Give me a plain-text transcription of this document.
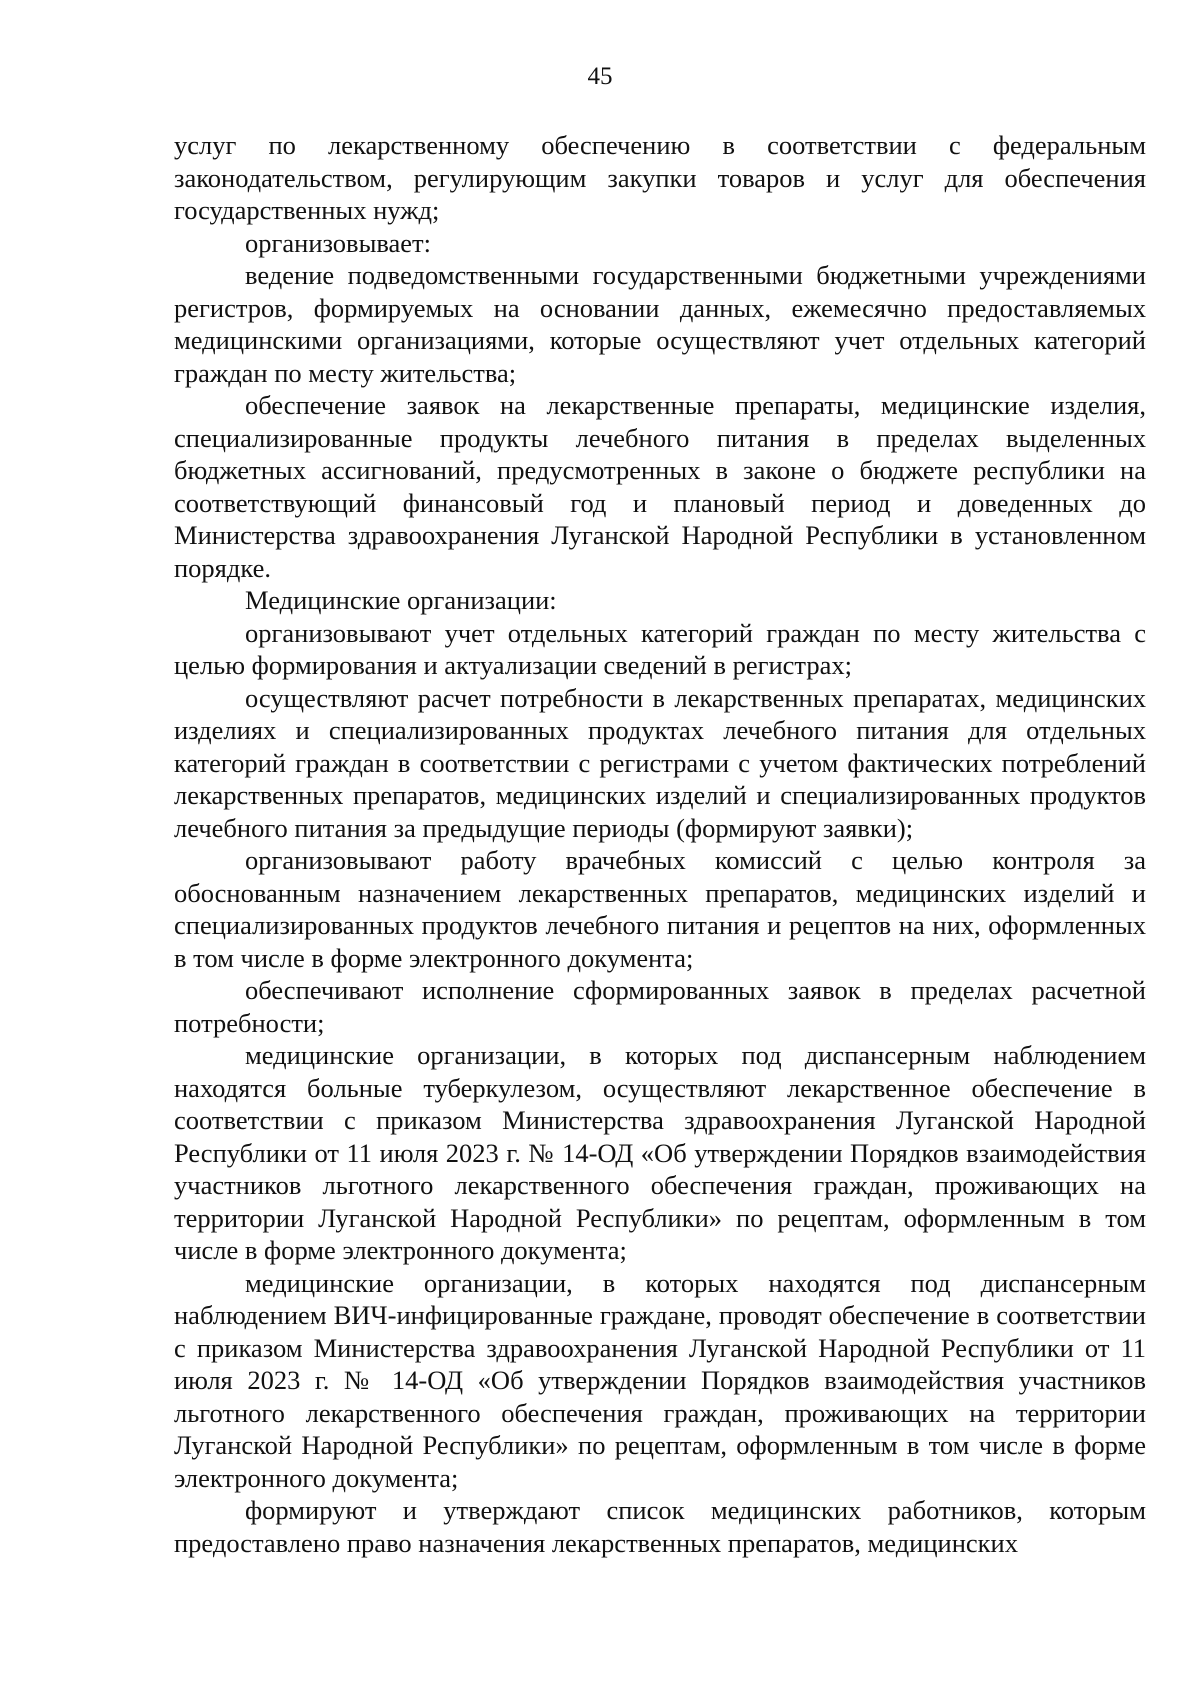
45

услуг по лекарственному обеспечению в соответствии с федеральным законодательством, регулирующим закупки товаров и услуг для обеспечения государственных нужд;

организовывает:

ведение подведомственными государственными бюджетными учреждениями регистров, формируемых на основании данных, ежемесячно предоставляемых медицинскими организациями, которые осуществляют учет отдельных категорий граждан по месту жительства;

обеспечение заявок на лекарственные препараты, медицинские изделия, специализированные продукты лечебного питания в пределах выделенных бюджетных ассигнований, предусмотренных в законе о бюджете республики на соответствующий финансовый год и плановый период и доведенных до Министерства здравоохранения Луганской Народной Республики в установленном порядке.

Медицинские организации:

организовывают учет отдельных категорий граждан по месту жительства с целью формирования и актуализации сведений в регистрах;

осуществляют расчет потребности в лекарственных препаратах, медицинских изделиях и специализированных продуктах лечебного питания для отдельных категорий граждан в соответствии с регистрами с учетом фактических потреблений лекарственных препаратов, медицинских изделий и специализированных продуктов лечебного питания за предыдущие периоды (формируют заявки);

организовывают работу врачебных комиссий с целью контроля за обоснованным назначением лекарственных препаратов, медицинских изделий и специализированных продуктов лечебного питания и рецептов на них, оформленных в том числе в форме электронного документа;

обеспечивают исполнение сформированных заявок в пределах расчетной потребности;

медицинские организации, в которых под диспансерным наблюдением находятся больные туберкулезом, осуществляют лекарственное обеспечение в соответствии с приказом Министерства здравоохранения Луганской Народной Республики от 11 июля 2023 г. № 14-ОД «Об утверждении Порядков взаимодействия участников льготного лекарственного обеспечения граждан, проживающих на территории Луганской Народной Республики» по рецептам, оформленным в том числе в форме электронного документа;

медицинские организации, в которых находятся под диспансерным наблюдением ВИЧ-инфицированные граждане, проводят обеспечение в соответствии с приказом Министерства здравоохранения Луганской Народной Республики от 11 июля 2023 г. № 14-ОД «Об утверждении Порядков взаимодействия участников льготного лекарственного обеспечения граждан, проживающих на территории Луганской Народной Республики» по рецептам, оформленным в том числе в форме электронного документа;

формируют и утверждают список медицинских работников, которым предоставлено право назначения лекарственных препаратов, медицинских
